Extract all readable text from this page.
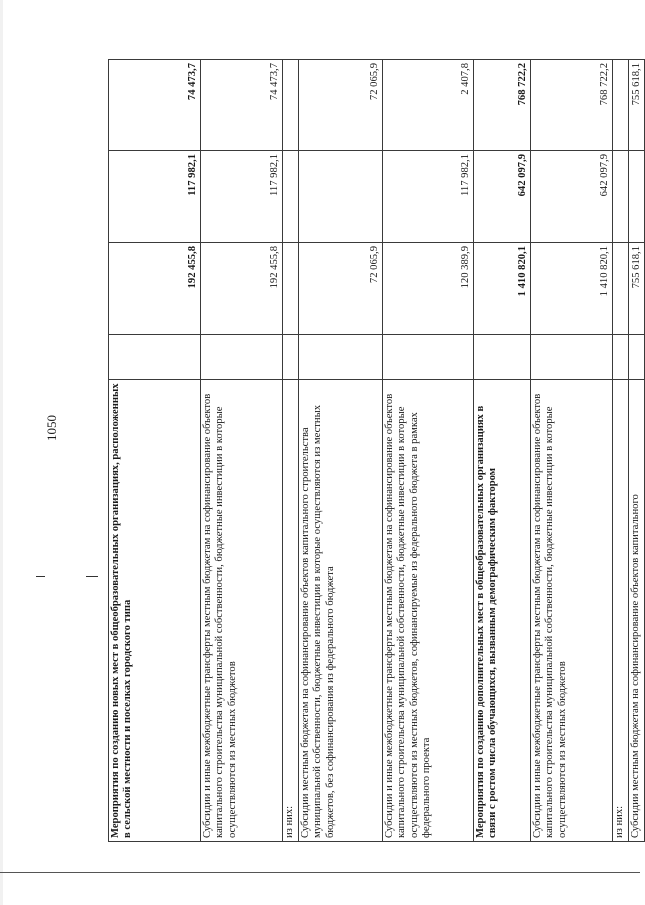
1050	Мероприятия по созданию новых мест в общеобразовательных организациях, расположенных в сельской местности и поселках городского типа		192 455,8	117 982,1	74 473,7
Субсидии и иные межбюджетные трансферты местным бюджетам на софинансирование объектов капитального строительства муниципальной собственности, бюджетные инвестиции в которые осуществляются из местных бюджетов		192 455,8	117 982,1	74 473,7
из них:				
Субсидии местным бюджетам на софинансирование объектов капитального строительства муниципальной собственности, бюджетные инвестиции в которые осуществляются из местных бюджетов, без софинансирования из федерального бюджета		72 065,9		72 065,9
Субсидии и иные межбюджетные трансферты местным бюджетам на софинансирование объектов капитального строительства муниципальной собственности, бюджетные инвестиции в которые осуществляются из местных бюджетов, софинансируемые из федерального бюджета в рамках федерального проекта		120 389,9	117 982,1	2 407,8
Мероприятия по созданию дополнительных мест в общеобразовательных организациях в связи с ростом числа обучающихся, вызванным демографическим фактором		1 410 820,1	642 097,9	768 722,2
Субсидии и иные межбюджетные трансферты местным бюджетам на софинансирование объектов капитального строительства муниципальной собственности, бюджетные инвестиции в которые осуществляются из местных бюджетов		1 410 820,1	642 097,9	768 722,2
из них:				
Субсидии местным бюджетам на софинансирование объектов капитального		755 618,1		755 618,1
